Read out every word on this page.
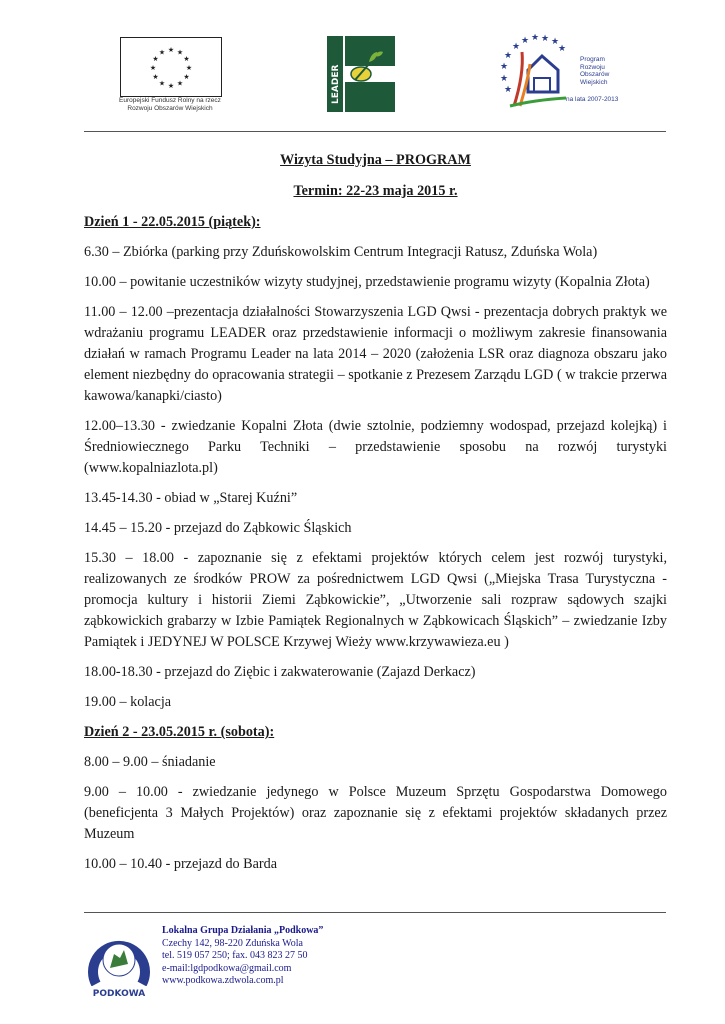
★ ★
★
★
★
★
★
★
★
★
★
★
Europejski Fundusz Rolny na rzecz
Rozwoju Obszarów Wiejskich
LEADER
★ ★ ★ ★
★
★
★
★
★
★
Program
Rozwoju
Obszarów
Wiejskich
na lata 2007-2013

Wizyta Studyjna – PROGRAM

Termin: 22-23 maja 2015 r.

Dzień 1 - 22.05.2015 (piątek):

6.30 – Zbiórka (parking przy Zduńskowolskim Centrum Integracji Ratusz, Zduńska Wola)

10.00 – powitanie uczestników wizyty studyjnej, przedstawienie programu wizyty (Kopalnia Złota)

11.00 – 12.00 –prezentacja działalności Stowarzyszenia LGD Qwsi - prezentacja dobrych praktyk we wdrażaniu programu LEADER oraz przedstawienie informacji o możliwym zakresie finansowania działań w ramach Programu Leader na lata 2014 – 2020 (założenia LSR oraz diagnoza obszaru jako element niezbędny do opracowania strategii – spotkanie z Prezesem Zarządu LGD ( w trakcie przerwa kawowa/kanapki/ciasto)

12.00–13.30 - zwiedzanie Kopalni Złota (dwie sztolnie, podziemny wodospad, przejazd kolejką) i Średniowiecznego Parku Techniki – przedstawienie sposobu na rozwój turystyki (www.kopalniazlota.pl)

13.45-14.30 - obiad w „Starej Kuźni”

14.45 – 15.20 - przejazd do Ząbkowic Śląskich

15.30 – 18.00 - zapoznanie się z efektami projektów których celem jest rozwój turystyki, realizowanych ze środków PROW za pośrednictwem LGD Qwsi („Miejska Trasa Turystyczna - promocja kultury i historii Ziemi Ząbkowickie”, „Utworzenie sali rozpraw sądowych szajki ząbkowickich grabarzy w Izbie Pamiątek Regionalnych w Ząbkowicach Śląskich” – zwiedzanie Izby Pamiątek i JEDYNEJ W POLSCE Krzywej Wieży www.krzywawieza.eu )

18.00-18.30 - przejazd do Ziębic i zakwaterowanie (Zajazd Derkacz)

19.00 – kolacja

Dzień 2 - 23.05.2015 r. (sobota):

8.00 – 9.00 – śniadanie

9.00 – 10.00 - zwiedzanie jedynego w Polsce Muzeum Sprzętu Gospodarstwa Domowego (beneficjenta 3 Małych Projektów) oraz zapoznanie się z efektami projektów składanych przez Muzeum

10.00 – 10.40 - przejazd do Barda

PODKOWA
Lokalna Grupa Działania „Podkowa”
Czechy 142, 98-220 Zduńska Wola
tel. 519 057 250; fax. 043 823 27 50
e-mail:lgdpodkowa@gmail.com
www.podkowa.zdwola.com.pl
